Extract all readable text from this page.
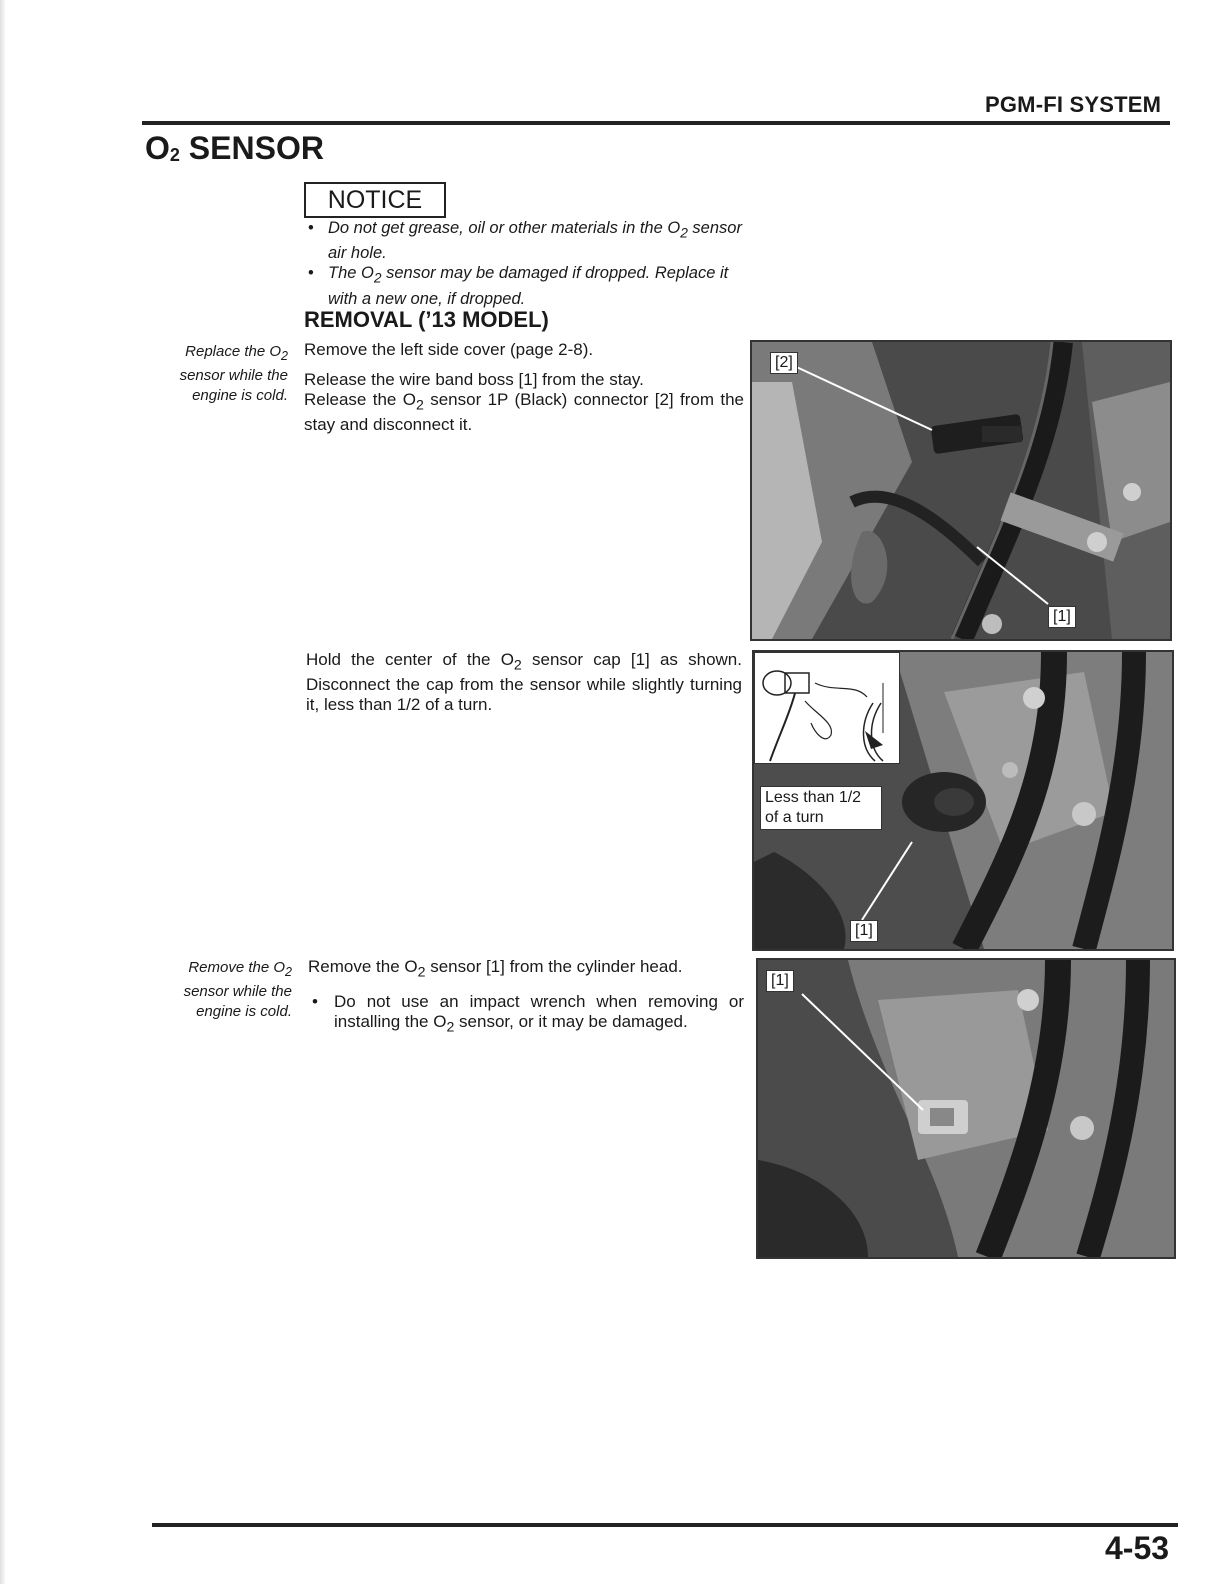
PGM-FI SYSTEM
$O_2$ SENSOR
NOTICE
• Do not get grease, oil or other materials in the $O_2$ sensor air hole.
• The $O_2$ sensor may be damaged if dropped. Replace it with a new one, if dropped.
REMOVAL (’13 MODEL)
Replace the $O_2$ sensor while the engine is cold.
Remove the left side cover (page 2-8).
Release the wire band boss [1] from the stay.
Release the $O_2$ sensor 1P (Black) connector [2] from the stay and disconnect it.
[2]
[1]
Hold the center of the $O_2$ sensor cap [1] as shown. Disconnect the cap from the sensor while slightly turning it, less than 1/2 of a turn.
Less than 1/2
of a turn
[1]
Remove the $O_2$ sensor while the engine is cold.
Remove the $O_2$ sensor [1] from the cylinder head.
• Do not use an impact wrench when removing or installing the $O_2$ sensor, or it may be damaged.
[1]
4-53
